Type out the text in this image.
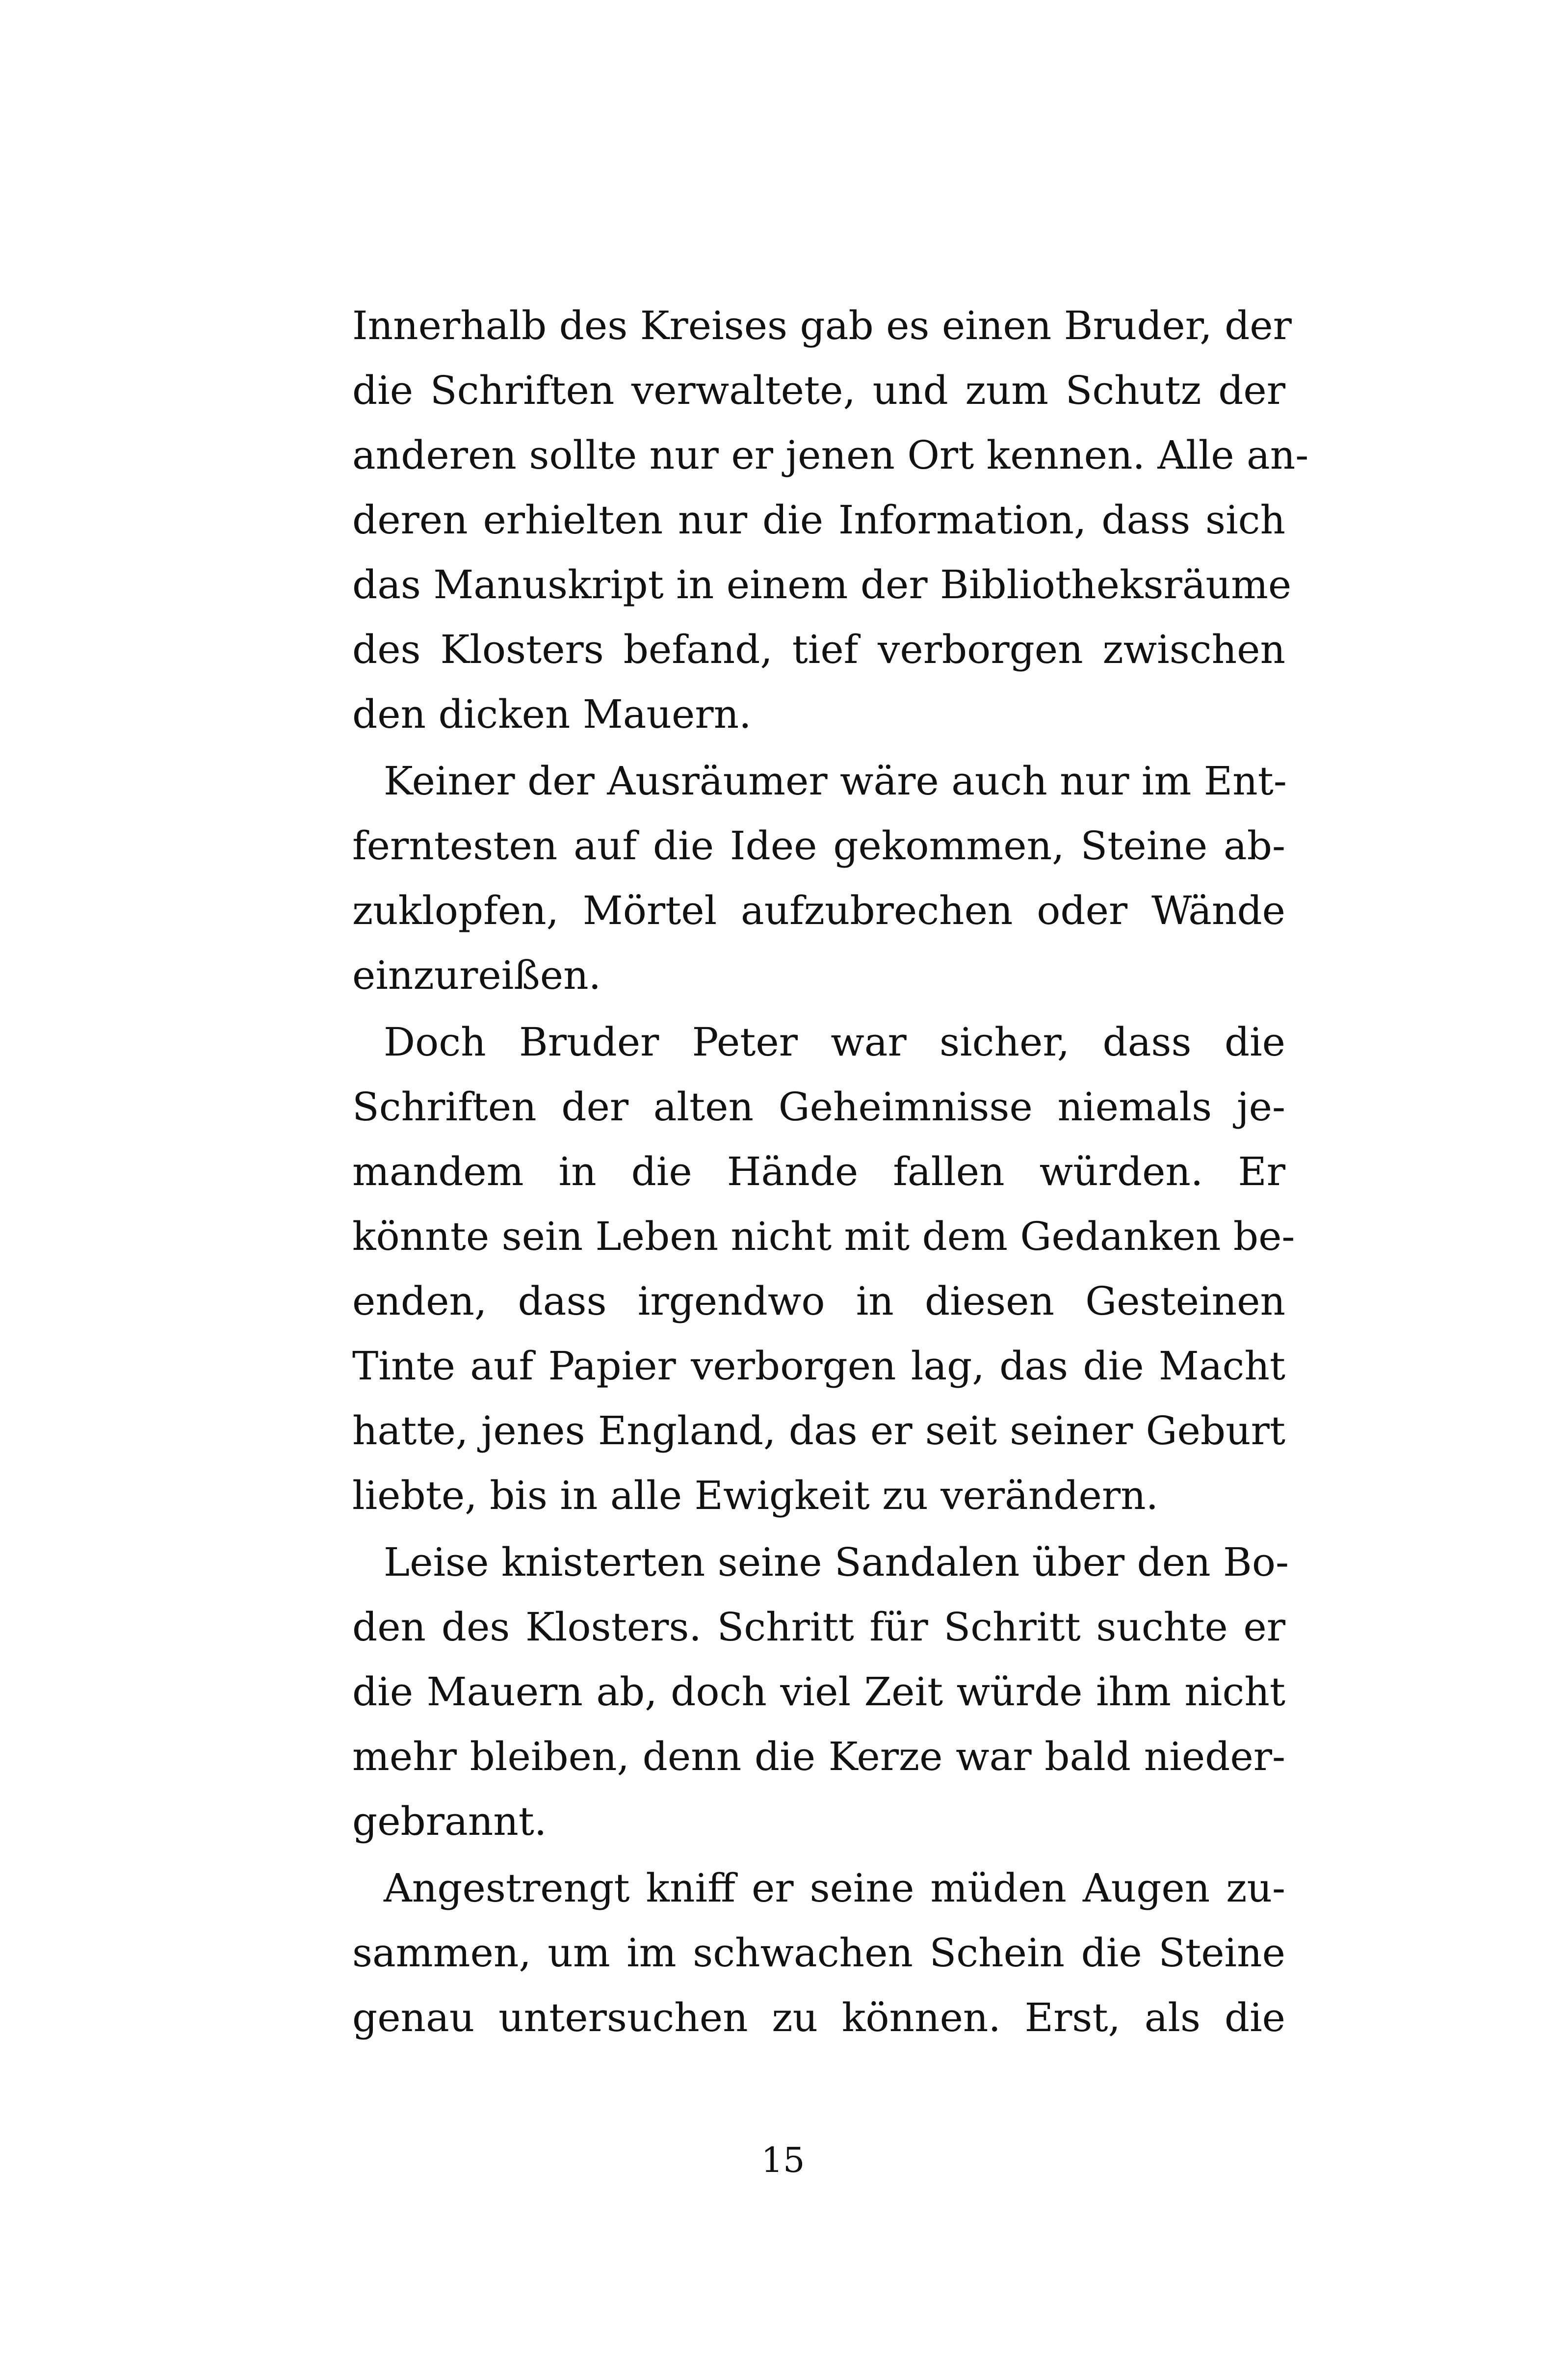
Innerhalb des Kreises gab es einen Bruder, der
die Schriften verwaltete, und zum Schutz der
anderen sollte nur er jenen Ort kennen. Alle an-
deren erhielten nur die Information, dass sich
das Manuskript in einem der Bibliotheksräume
des Klosters befand, tief verborgen zwischen
den dicken Mauern.
Keiner der Ausräumer wäre auch nur im Ent-
ferntesten auf die Idee gekommen, Steine ab-
zuklopfen, Mörtel aufzubrechen oder Wände
einzureißen.
Doch Bruder Peter war sicher, dass die
Schriften der alten Geheimnisse niemals je-
mandem in die Hände fallen würden. Er
könnte sein Leben nicht mit dem Gedanken be-
enden, dass irgendwo in diesen Gesteinen
Tinte auf Papier verborgen lag, das die Macht
hatte, jenes England, das er seit seiner Geburt
liebte, bis in alle Ewigkeit zu verändern.
Leise knisterten seine Sandalen über den Bo-
den des Klosters. Schritt für Schritt suchte er
die Mauern ab, doch viel Zeit würde ihm nicht
mehr bleiben, denn die Kerze war bald nieder-
gebrannt.
Angestrengt kniff er seine müden Augen zu-
sammen, um im schwachen Schein die Steine
genau untersuchen zu können. Erst, als die
15
